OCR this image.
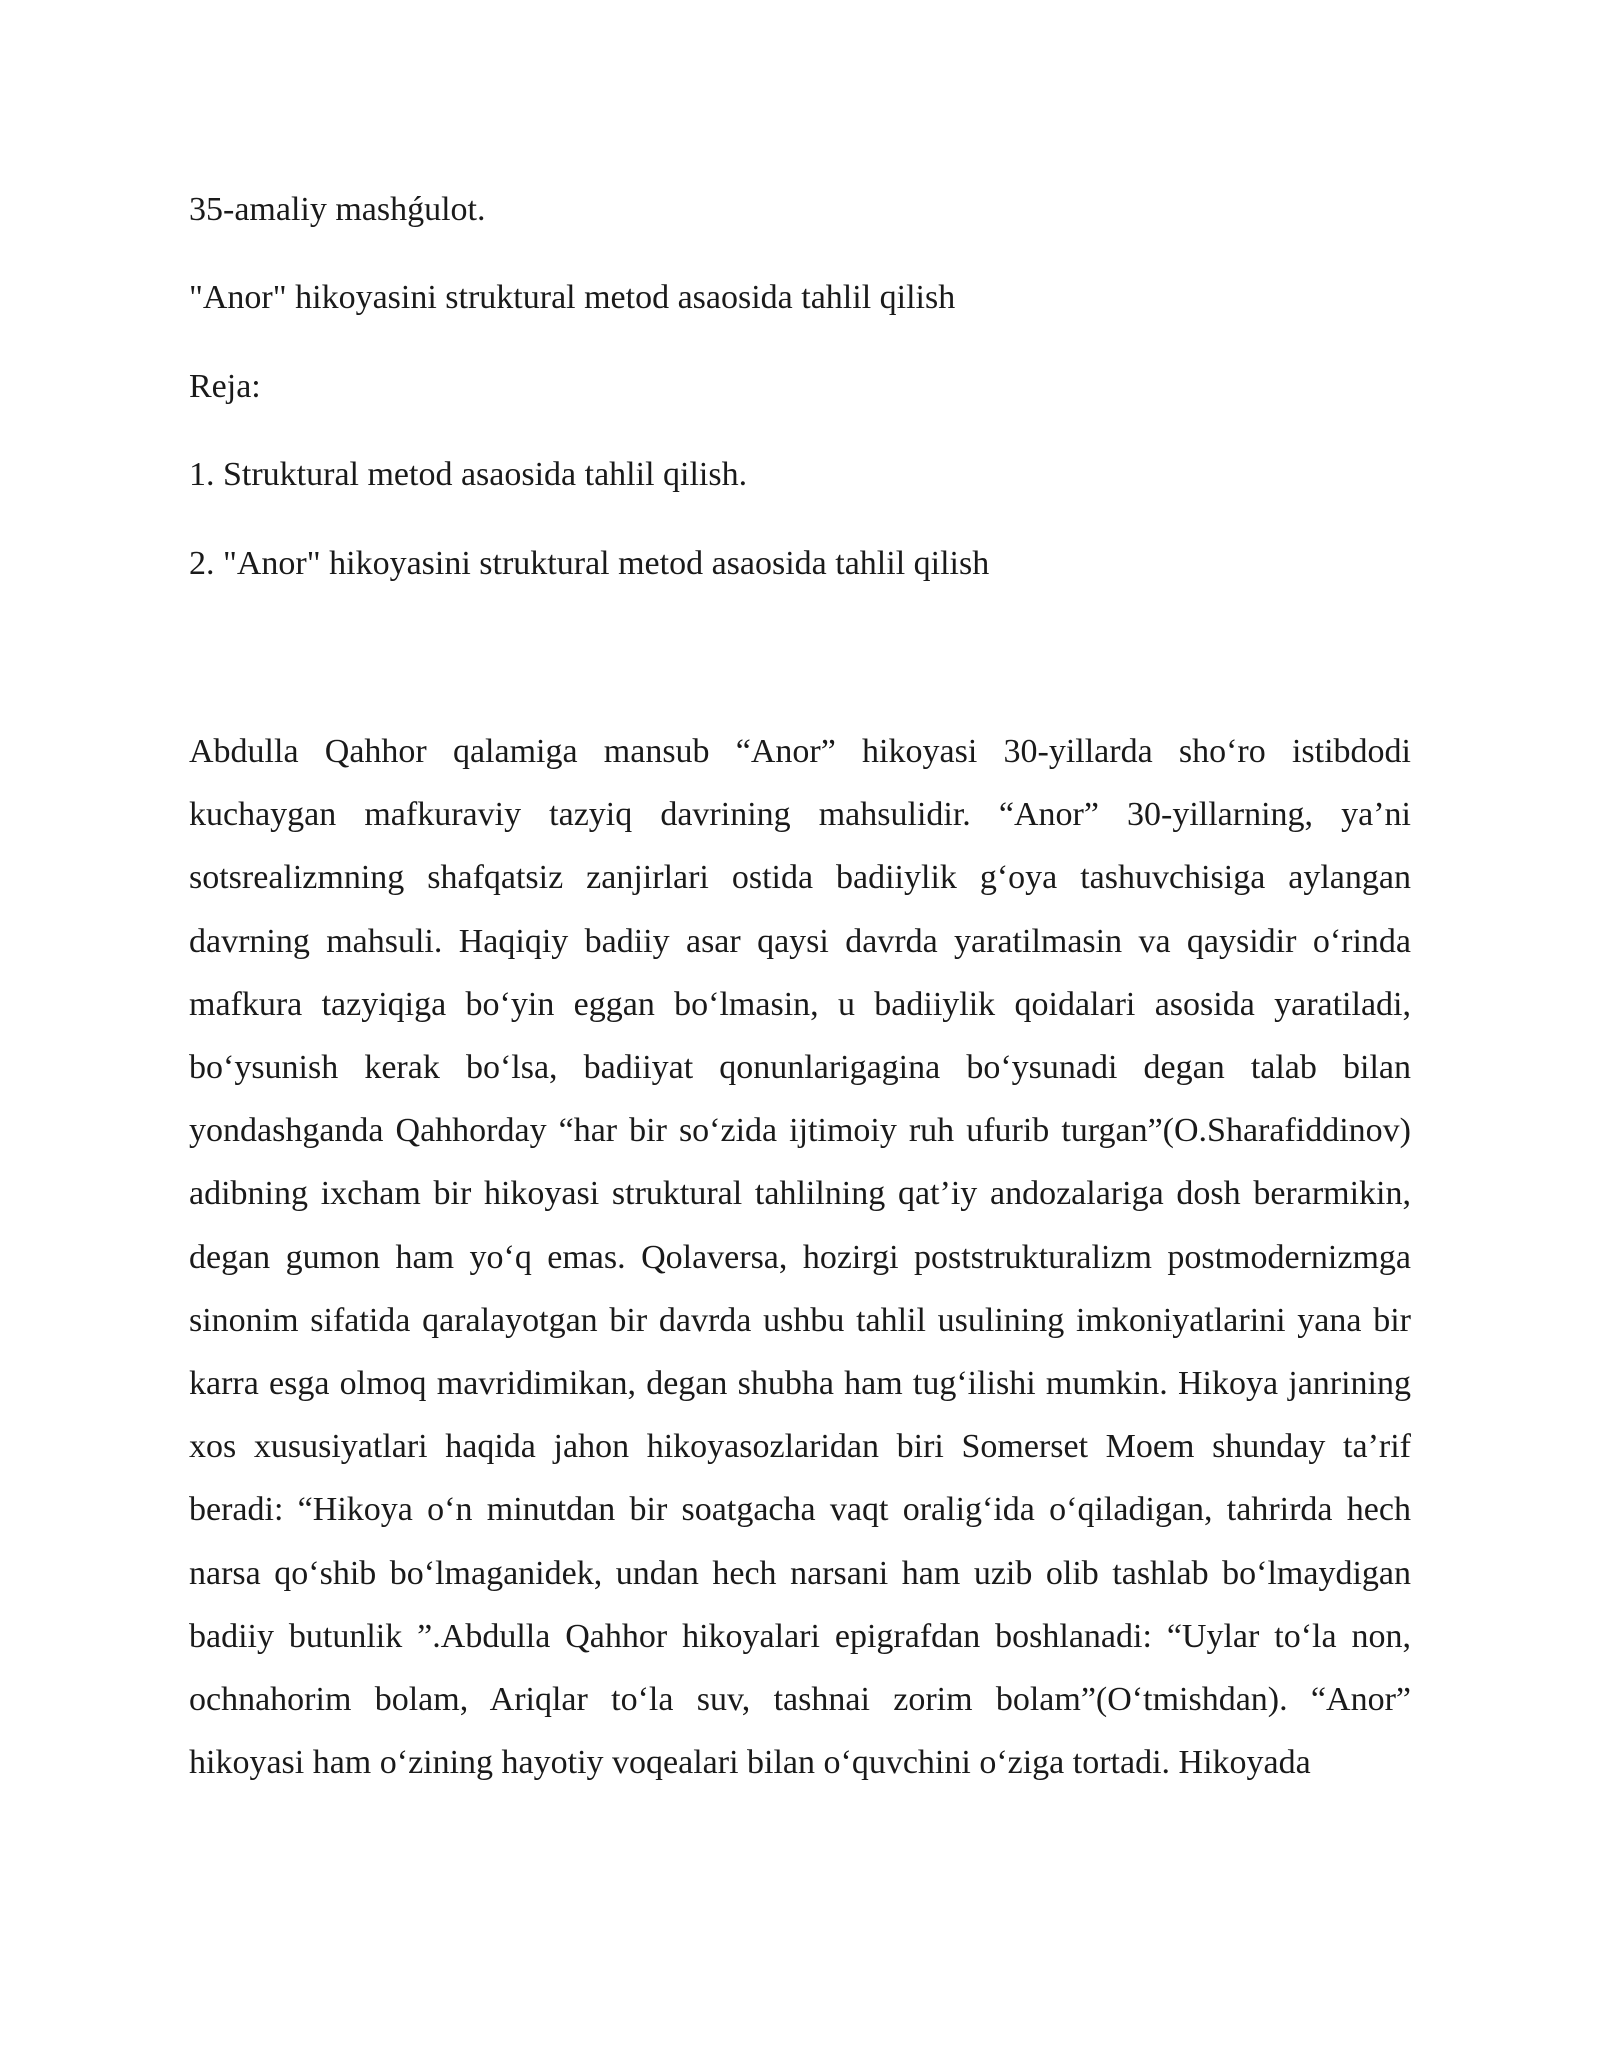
35-amaliy mashǵulot.
"Anor" hikoyasini struktural metod asaosida tahlil qilish
Reja:
1. Struktural metod asaosida tahlil qilish.
2. "Anor" hikoyasini struktural metod asaosida tahlil qilish

Abdulla Qahhor qalamiga mansub “Anor” hikoyasi 30-yillarda sho‘ro istibdodi kuchaygan mafkuraviy tazyiq davrining mahsulidir. “Anor” 30-yillarning, ya’ni sotsrealizmning shafqatsiz zanjirlari ostida badiiylik g‘oya tashuvchisiga aylangan davrning mahsuli. Haqiqiy badiiy asar qaysi davrda yaratilmasin va qaysidir o‘rinda mafkura tazyiqiga bo‘yin eggan bo‘lmasin, u badiiylik qoidalari asosida yaratiladi, bo‘ysunish kerak bo‘lsa, badiiyat qonunlarigagina bo‘ysunadi degan talab bilan yondashganda Qahhorday “har bir so‘zida ijtimoiy ruh ufurib turgan”(O.Sharafiddinov) adibning ixcham bir hikoyasi struktural tahlilning qat’iy andozalariga dosh berarmikin, degan gumon ham yo‘q emas. Qolaversa, hozirgi poststrukturalizm postmodernizmga sinonim sifatida qaralayotgan bir davrda ushbu tahlil usulining imkoniyatlarini yana bir karra esga olmoq mavridimikan, degan shubha ham tug‘ilishi mumkin. Hikoya janrining xos xususiyatlari haqida jahon hikoyasozlaridan biri Somerset Moem shunday ta’rif beradi: “Hikoya o‘n minutdan bir soatgacha vaqt oralig‘ida o‘qiladigan, tahrirda hech narsa qo‘shib bo‘lmaganidek, undan hech narsani ham uzib olib tashlab bo‘lmaydigan badiiy butunlik ”.Abdulla Qahhor hikoyalari epigrafdan boshlanadi: “Uylar to‘la non, ochnahorim bolam, Ariqlar to‘la suv, tashnai zorim bolam”(O‘tmishdan). “Anor” hikoyasi ham o‘zining hayotiy voqealari bilan o‘quvchini o‘ziga tortadi. Hikoyada
